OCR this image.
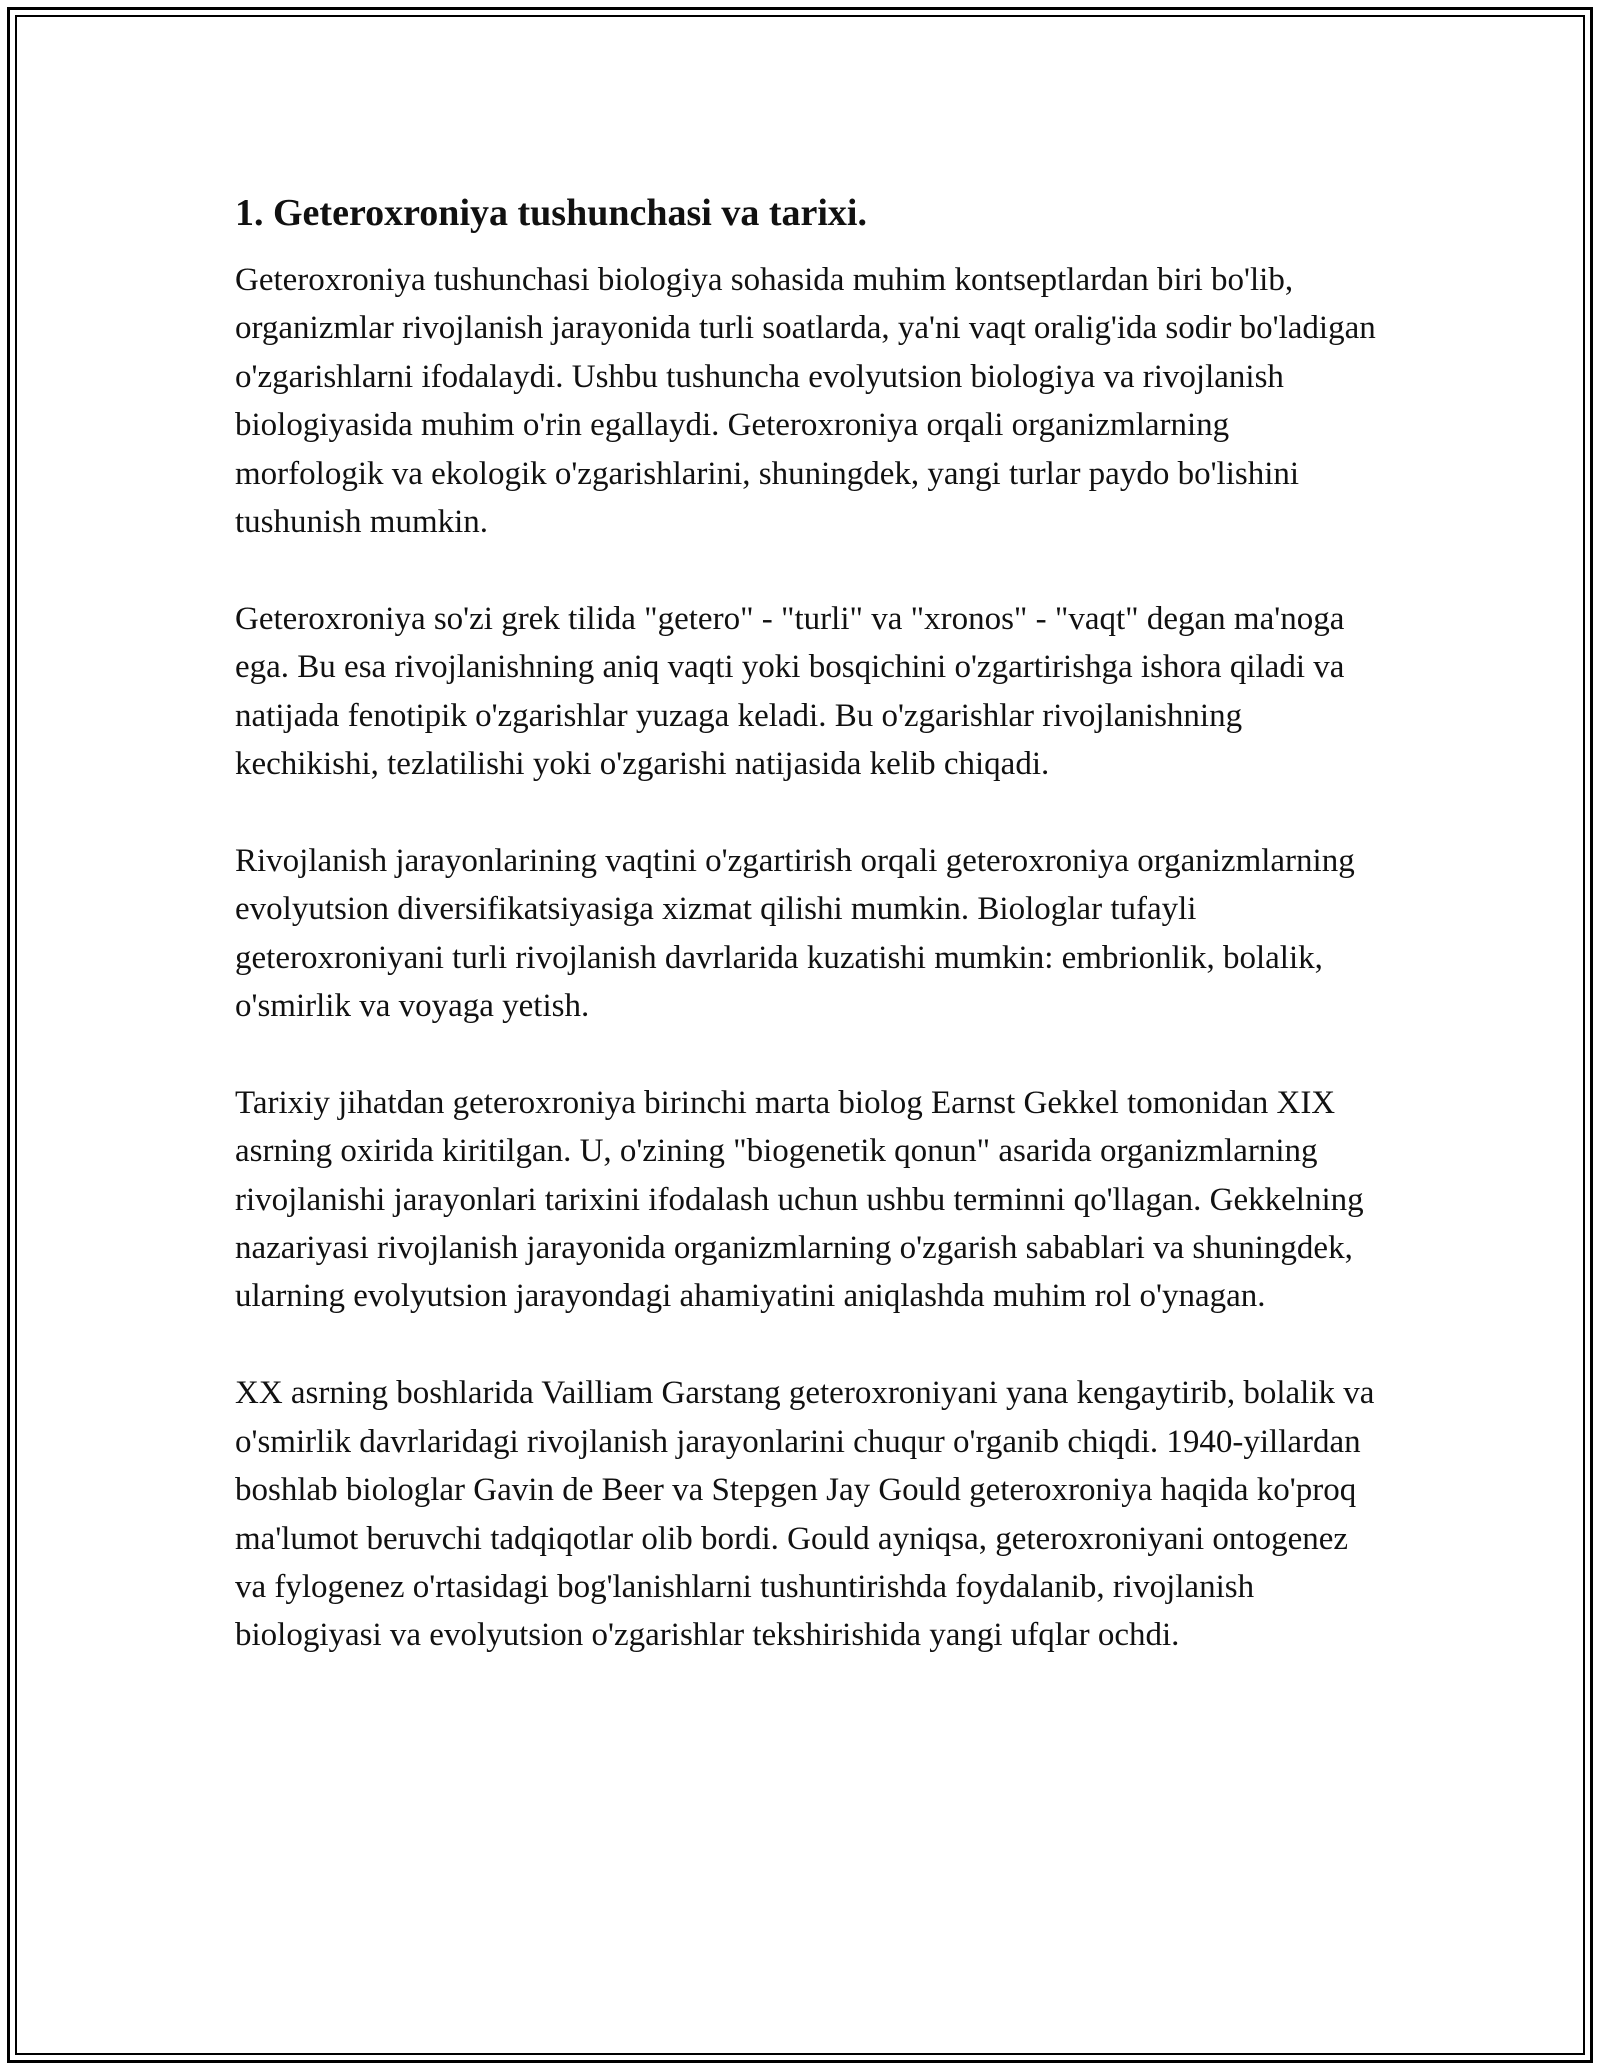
1. Geteroxroniya tushunchasi va tarixi.

Geteroxroniya tushunchasi biologiya sohasida muhim kontseptlardan biri bo'lib, organizmlar rivojlanish jarayonida turli soatlarda, ya'ni vaqt oralig'ida sodir bo'ladigan o'zgarishlarni ifodalaydi. Ushbu tushuncha evolyutsion biologiya va rivojlanish biologiyasida muhim o'rin egallaydi. Geteroxroniya orqali organizmlarning morfologik va ekologik o'zgarishlarini, shuningdek, yangi turlar paydo bo'lishini tushunish mumkin.

Geteroxroniya so'zi grek tilida "getero" - "turli" va "xronos" - "vaqt" degan ma'noga ega. Bu esa rivojlanishning aniq vaqti yoki bosqichini o'zgartirishga ishora qiladi va natijada fenotipik o'zgarishlar yuzaga keladi. Bu o'zgarishlar rivojlanishning kechikishi, tezlatilishi yoki o'zgarishi natijasida kelib chiqadi.

Rivojlanish jarayonlarining vaqtini o'zgartirish orqali geteroxroniya organizmlarning evolyutsion diversifikatsiyasiga xizmat qilishi mumkin. Biologlar tufayli geteroxroniyani turli rivojlanish davrlarida kuzatishi mumkin: embrionlik, bolalik, o'smirlik va voyaga yetish.

Tarixiy jihatdan geteroxroniya birinchi marta biolog Earnst Gekkel tomonidan XIX asrning oxirida kiritilgan. U, o'zining "biogenetik qonun" asarida organizmlarning rivojlanishi jarayonlari tarixini ifodalash uchun ushbu terminni qo'llagan. Gekkelning nazariyasi rivojlanish jarayonida organizmlarning o'zgarish sabablari va shuningdek, ularning evolyutsion jarayondagi ahamiyatini aniqlashda muhim rol o'ynagan.

XX asrning boshlarida Vailliam Garstang geteroxroniyani yana kengaytirib, bolalik va o'smirlik davrlaridagi rivojlanish jarayonlarini chuqur o'rganib chiqdi. 1940-yillardan boshlab biologlar Gavin de Beer va Stepgen Jay Gould geteroxroniya haqida ko'proq ma'lumot beruvchi tadqiqotlar olib bordi. Gould ayniqsa, geteroxroniyani ontogenez va fylogenez o'rtasidagi bog'lanishlarni tushuntirishda foydalanib, rivojlanish biologiyasi va evolyutsion o'zgarishlar tekshirishida yangi ufqlar ochdi.
